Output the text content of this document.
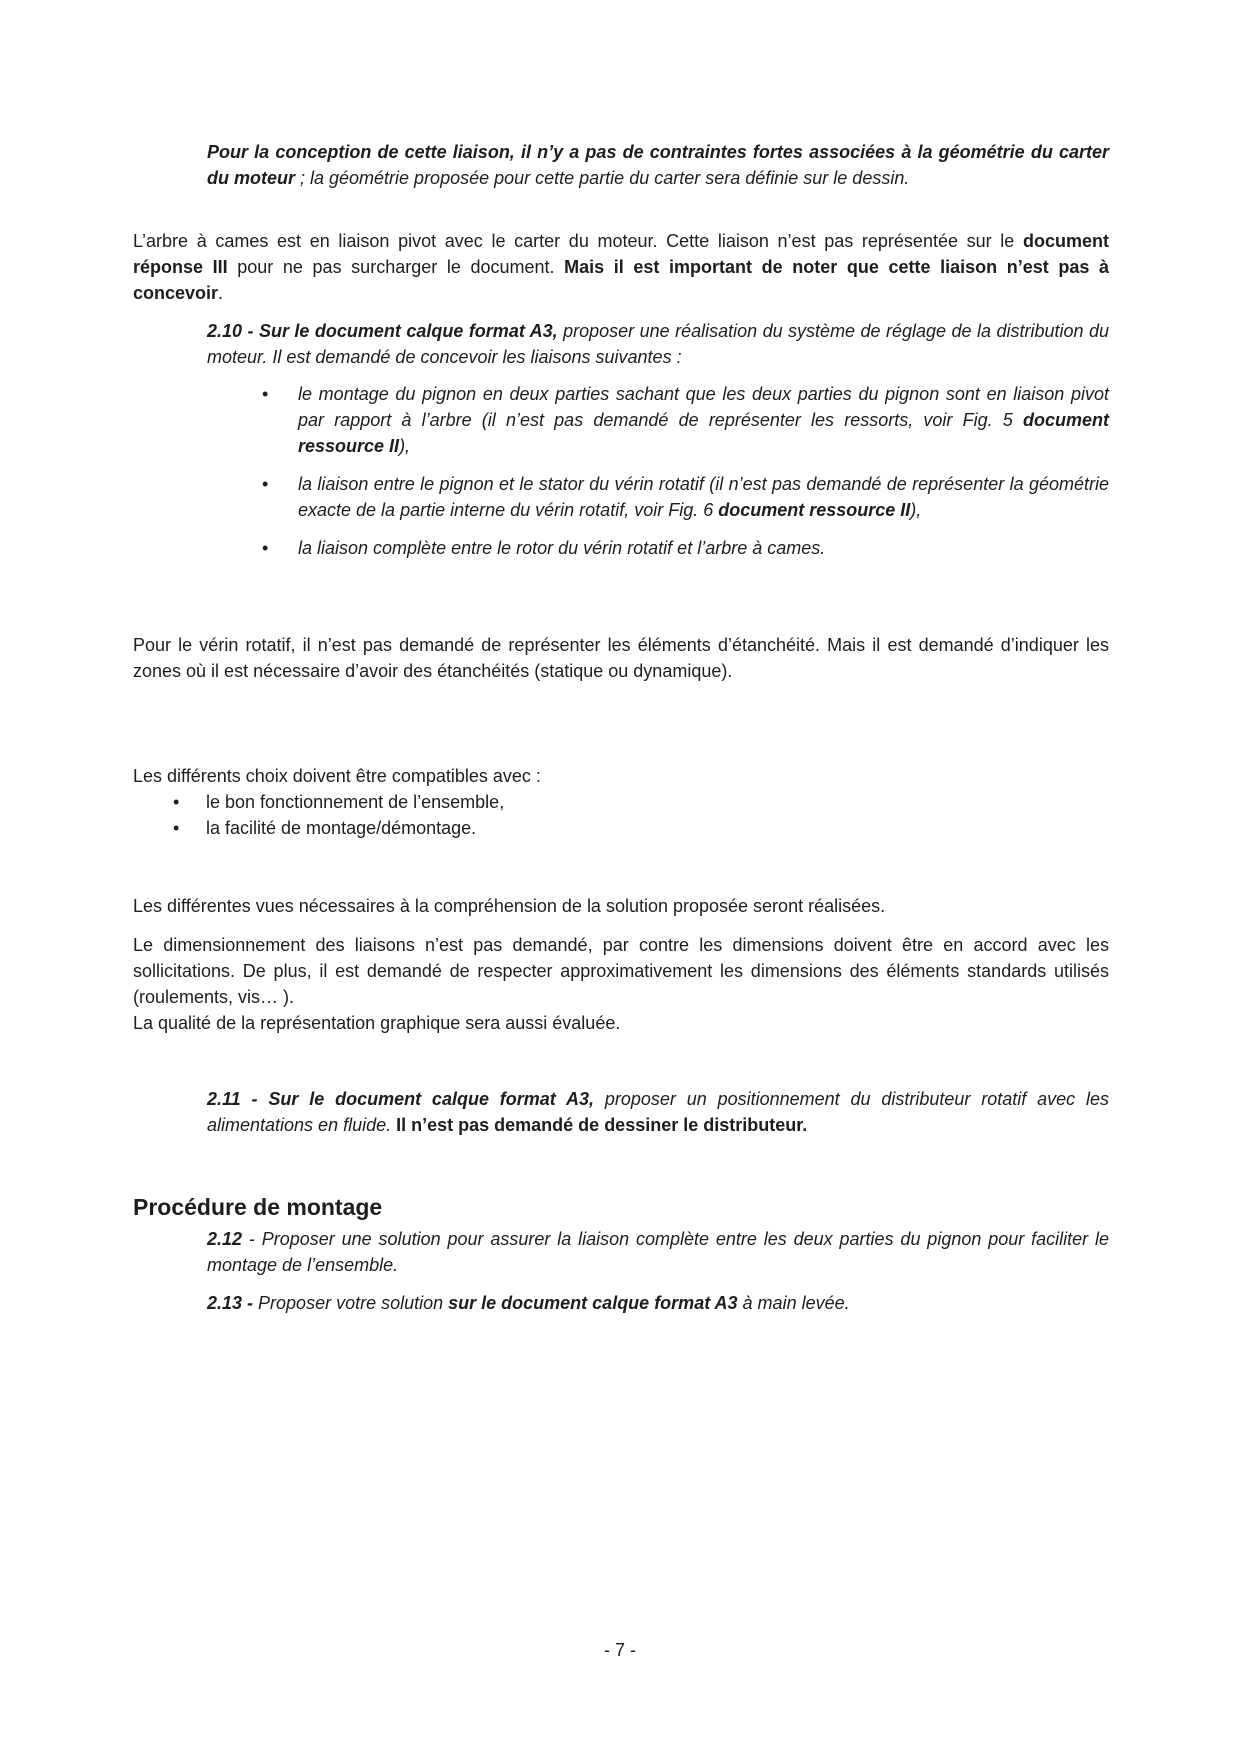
Pour la conception de cette liaison, il n’y a pas de contraintes fortes associées à la géométrie du carter du moteur ; la géométrie proposée pour cette partie du carter sera définie sur le dessin.

L’arbre à cames est en liaison pivot avec le carter du moteur. Cette liaison n’est pas représentée sur le document réponse III pour ne pas surcharger le document. Mais il est important de noter que cette liaison n’est pas à concevoir.

2.10 - Sur le document calque format A3, proposer une réalisation du système de réglage de la distribution du moteur. Il est demandé de concevoir les liaisons suivantes :

• le montage du pignon en deux parties sachant que les deux parties du pignon sont en liaison pivot par rapport à l’arbre (il n’est pas demandé de représenter les ressorts, voir Fig. 5 document ressource II),
• la liaison entre le pignon et le stator du vérin rotatif (il n’est pas demandé de représenter la géométrie exacte de la partie interne du vérin rotatif, voir Fig. 6 document ressource II),
• la liaison complète entre le rotor du vérin rotatif et l’arbre à cames.

Pour le vérin rotatif, il n’est pas demandé de représenter les éléments d’étanchéité. Mais il est demandé d’indiquer les zones où il est nécessaire d’avoir des étanchéités (statique ou dynamique).

Les différents choix doivent être compatibles avec :

• le bon fonctionnement de l’ensemble,
• la facilité de montage/démontage.

Les différentes vues nécessaires à la compréhension de la solution proposée seront réalisées.

Le dimensionnement des liaisons n’est pas demandé, par contre les dimensions doivent être en accord avec les sollicitations. De plus, il est demandé de respecter approximativement les dimensions des éléments standards utilisés (roulements, vis… ).

La qualité de la représentation graphique sera aussi évaluée.

2.11 - Sur le document calque format A3, proposer un positionnement du distributeur rotatif avec les alimentations en fluide. Il n’est pas demandé de dessiner le distributeur.

Procédure de montage

2.12 - Proposer une solution pour assurer la liaison complète entre les deux parties du pignon pour faciliter le montage de l’ensemble.

2.13 - Proposer votre solution sur le document calque format A3 à main levée.

- 7 -
